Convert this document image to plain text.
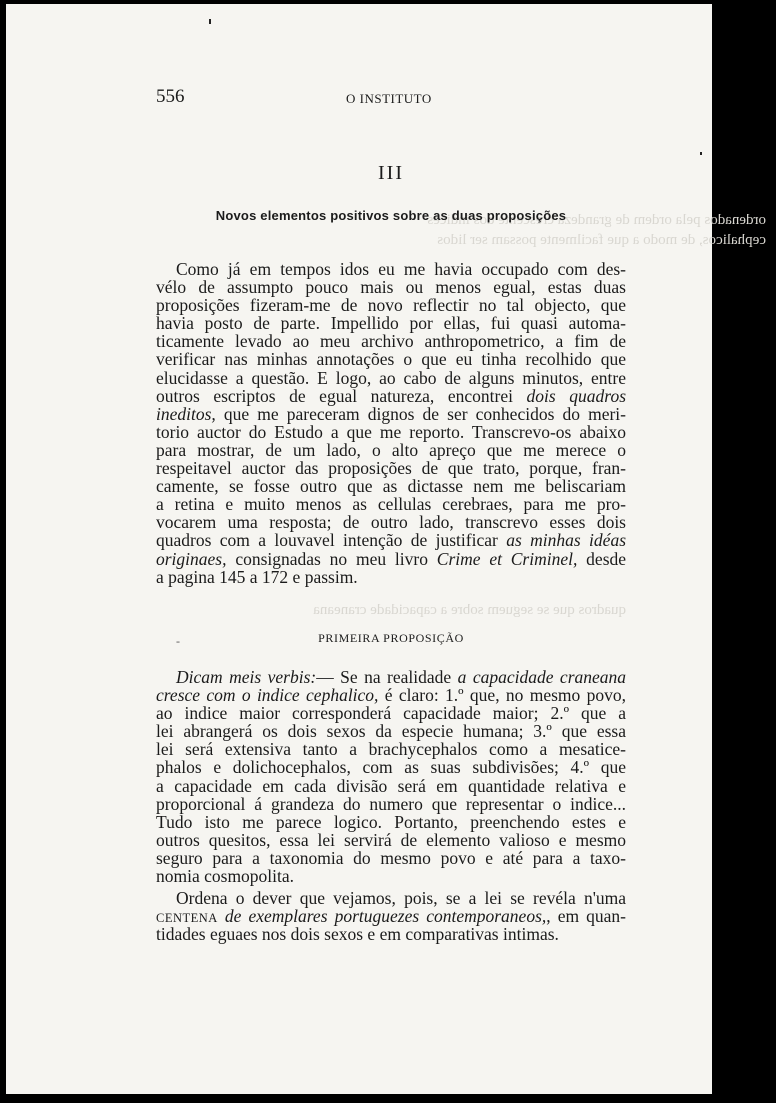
ordenados pela ordem de grandeza crescente dos indices
cephalicos, de modo a que facilmente possam ser lidos
quadros que se seguem sobre a capacidade craneana
556	O INSTITUTO
III
Novos elementos positivos sobre as duas proposições
Como já em tempos idos eu me havia occupado com des-
vélo de assumpto pouco mais ou menos egual, estas duas
proposições fizeram-me de novo reflectir no tal objecto, que
havia posto de parte. Impellido por ellas, fui quasi automa-
ticamente levado ao meu archivo anthropometrico, a fim de
verificar nas minhas annotações o que eu tinha recolhido que
elucidasse a questão. E logo, ao cabo de alguns minutos, entre
outros escriptos de egual natureza, encontrei dois quadros
ineditos, que me pareceram dignos de ser conhecidos do meri-
torio auctor do Estudo a que me reporto. Transcrevo-os abaixo
para mostrar, de um lado, o alto apreço que me merece o
respeitavel auctor das proposições de que trato, porque, fran-
camente, se fosse outro que as dictasse nem me beliscariam
a retina e muito menos as cellulas cerebraes, para me pro-
vocarem uma resposta; de outro lado, transcrevo esses dois
quadros com a louvavel intenção de justificar as minhas idéas
originaes, consignadas no meu livro Crime et Criminel, desde
a pagina 145 a 172 e passim.
-	PRIMEIRA PROPOSIÇÃO
Dicam meis verbis:— Se na realidade a capacidade craneana
cresce com o indice cephalico, é claro: 1.º que, no mesmo povo,
ao indice maior corresponderá capacidade maior; 2.º que a
lei abrangerá os dois sexos da especie humana; 3.º que essa
lei será extensiva tanto a brachycephalos como a mesatice-
phalos e dolichocephalos, com as suas subdivisões; 4.º que
a capacidade em cada divisão será em quantidade relativa e
proporcional á grandeza do numero que representar o indice...
Tudo isto me parece logico. Portanto, preenchendo estes e
outros quesitos, essa lei servirá de elemento valioso e mesmo
seguro para a taxonomia do mesmo povo e até para a taxo-
nomia cosmopolita.
Ordena o dever que vejamos, pois, se a lei se revéla n'uma
CENTENA de exemplares portuguezes contemporaneos,, em quan-
tidades eguaes nos dois sexos e em comparativas intimas.
